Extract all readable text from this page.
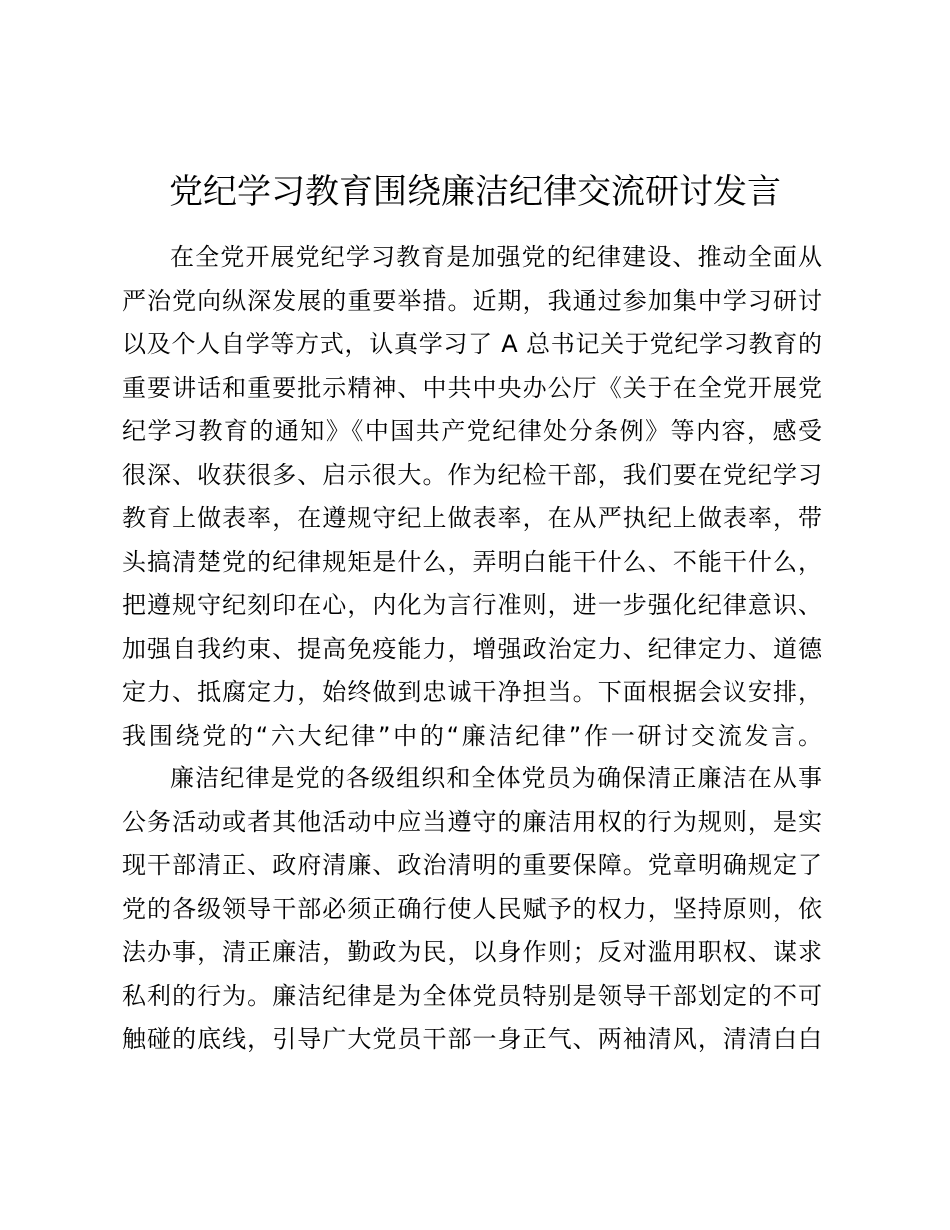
党纪学习教育围绕廉洁纪律交流研讨发言

在全党开展党纪学习教育是加强党的纪律建设、推动全面从
严治党向纵深发展的重要举措。近期，我通过参加集中学习研讨
以及个人自学等方式，认真学习了 A 总书记关于党纪学习教育的
重要讲话和重要批示精神、中共中央办公厅《关于在全党开展党
纪学习教育的通知》《中国共产党纪律处分条例》等内容，感受
很深、收获很多、启示很大。作为纪检干部，我们要在党纪学习
教育上做表率，在遵规守纪上做表率，在从严执纪上做表率，带
头搞清楚党的纪律规矩是什么，弄明白能干什么、不能干什么，
把遵规守纪刻印在心，内化为言行准则，进一步强化纪律意识、
加强自我约束、提高免疫能力，增强政治定力、纪律定力、道德
定力、抵腐定力，始终做到忠诚干净担当。下面根据会议安排，
我围绕党的“六大纪律”中的“廉洁纪律”作一研讨交流发言。

廉洁纪律是党的各级组织和全体党员为确保清正廉洁在从事
公务活动或者其他活动中应当遵守的廉洁用权的行为规则，是实
现干部清正、政府清廉、政治清明的重要保障。党章明确规定了
党的各级领导干部必须正确行使人民赋予的权力，坚持原则，依
法办事，清正廉洁，勤政为民，以身作则；反对滥用职权、谋求
私利的行为。廉洁纪律是为全体党员特别是领导干部划定的不可
触碰的底线，引导广大党员干部一身正气、两袖清风，清清白白
